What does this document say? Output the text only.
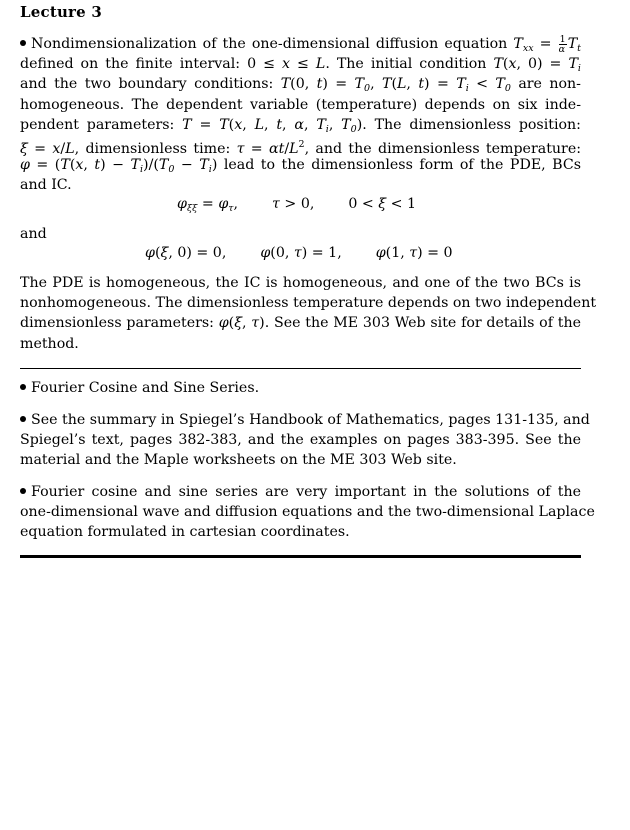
Lecture 3
Nondimensionalization of the one-dimensional diffusion equation $T_{xx} = \frac{1}{\alpha} T_t$
defined on the finite interval: 0 ≤ x ≤ L. The initial condition T(x, $0) = T_i$
and the two boundary conditions: T(0, $t) = T_0$, T(L, $t) = T_i < T_0$ are non-
homogeneous. The dependent variable (temperature) depends on six inde-
pendent parameters: T = T(x, L, t, α, $T_i$, $T_0$). The dimensionless position:
ξ = x/L, dimensionless time: $\tau = \alpha t/L^2$, and the dimensionless temperature:
φ = (T(x, $t) - T_i)/(T_0 - T_i)$ lead to the dimensionless form of the PDE, BCs
and IC.
$\varphi_{\xi\xi} = \varphi_\tau$, τ > 0, 0 < ξ < 1
and
φ(ξ, 0) = 0, φ(0, τ) = 1, φ(1, τ) = 0
The PDE is homogeneous, the IC is homogeneous, and one of the two BCs is
nonhomogeneous. The dimensionless temperature depends on two independent
dimensionless parameters: φ(ξ, τ). See the ME 303 Web site for details of the
method.
Fourier Cosine and Sine Series.
See the summary in Spiegel’s Handbook of Mathematics, pages 131-135, and
Spiegel’s text, pages 382-383, and the examples on pages 383-395. See the
material and the Maple worksheets on the ME 303 Web site.
Fourier cosine and sine series are very important in the solutions of the
one-dimensional wave and diffusion equations and the two-dimensional Laplace
equation formulated in cartesian coordinates.
